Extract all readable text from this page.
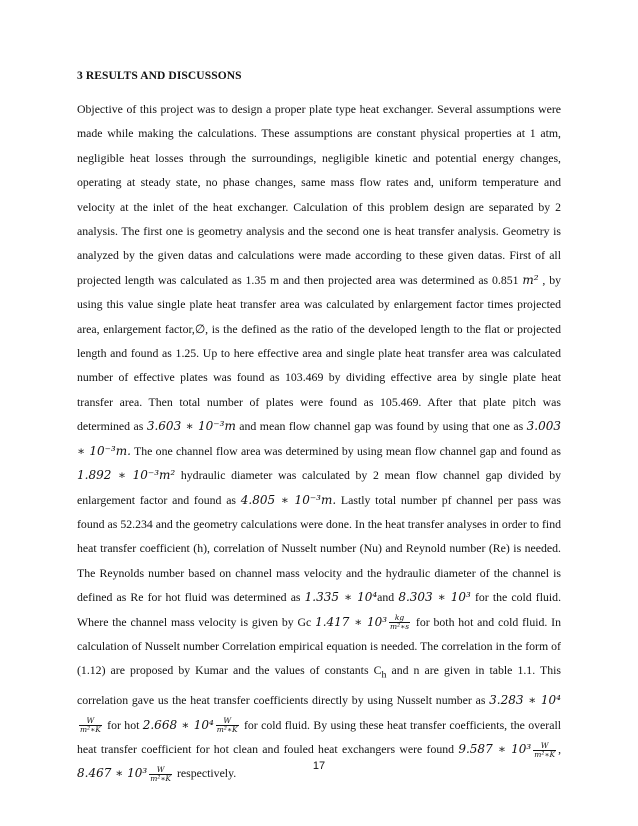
3 RESULTS AND DISCUSSONS

Objective of this project was to design a proper plate type heat exchanger. Several assumptions were made while making the calculations. These assumptions are constant physical properties at 1 atm, negligible heat losses through the surroundings, negligible kinetic and potential energy changes, operating at steady state, no phase changes, same mass flow rates and, uniform temperature and velocity at the inlet of the heat exchanger. Calculation of this problem design are separated by 2 analysis. The first one is geometry analysis and the second one is heat transfer analysis. Geometry is analyzed by the given datas and calculations were made according to these given datas. First of all projected length was calculated as 1.35 m and then projected area was determined as 0.851 m² , by using this value single plate heat transfer area was calculated by enlargement factor times projected area, enlargement factor,∅, is the defined as the ratio of the developed length to the flat or projected length and found as 1.25. Up to here effective area and single plate heat transfer area was calculated number of effective plates was found as 103.469 by dividing effective area by single plate heat transfer area. Then total number of plates were found as 105.469. After that plate pitch was determined as 3.603 ∗ 10⁻³m and mean flow channel gap was found by using that one as 3.003 ∗ 10⁻³m. The one channel flow area was determined by using mean flow channel gap and found as 1.892 ∗ 10⁻³m² hydraulic diameter was calculated by 2 mean flow channel gap divided by enlargement factor and found as 4.805 ∗ 10⁻³m. Lastly total number pf channel per pass was found as 52.234 and the geometry calculations were done. In the heat transfer analyses in order to find heat transfer coefficient (h), correlation of Nusselt number (Nu) and Reynold number (Re) is needed. The Reynolds number based on channel mass velocity and the hydraulic diameter of the channel is defined as Re for hot fluid was determined as 1.335 ∗ 10⁴and 8.303 ∗ 10³ for the cold fluid. Where the channel mass velocity is given by Gc 1.417 ∗ $10^3 \frac{kg}{\text{m²∗s}}$ for both hot and cold fluid. In calculation of Nusselt number Correlation empirical equation is needed. The correlation in the form of (1.12) are proposed by Kumar and the values of constants $C_h$ and n are given in table 1.1. This correlation gave us the heat transfer coefficients directly by using Nusselt number as 3.283 ∗ 10⁴
$\frac{W}{\text{m²∗K}}$ for hot 2.668 ∗ $10^4 \frac{W}{\text{m²∗K}}$ for cold fluid. By using these heat transfer coefficients, the overall heat transfer coefficient for hot clean and fouled heat exchangers were found 9.587 ∗ $10^3 \frac{W}{\text{m²∗K}}$ , 8.467 ∗ $10^3 \frac{W}{\text{m²∗K}}$ respectively.

17
